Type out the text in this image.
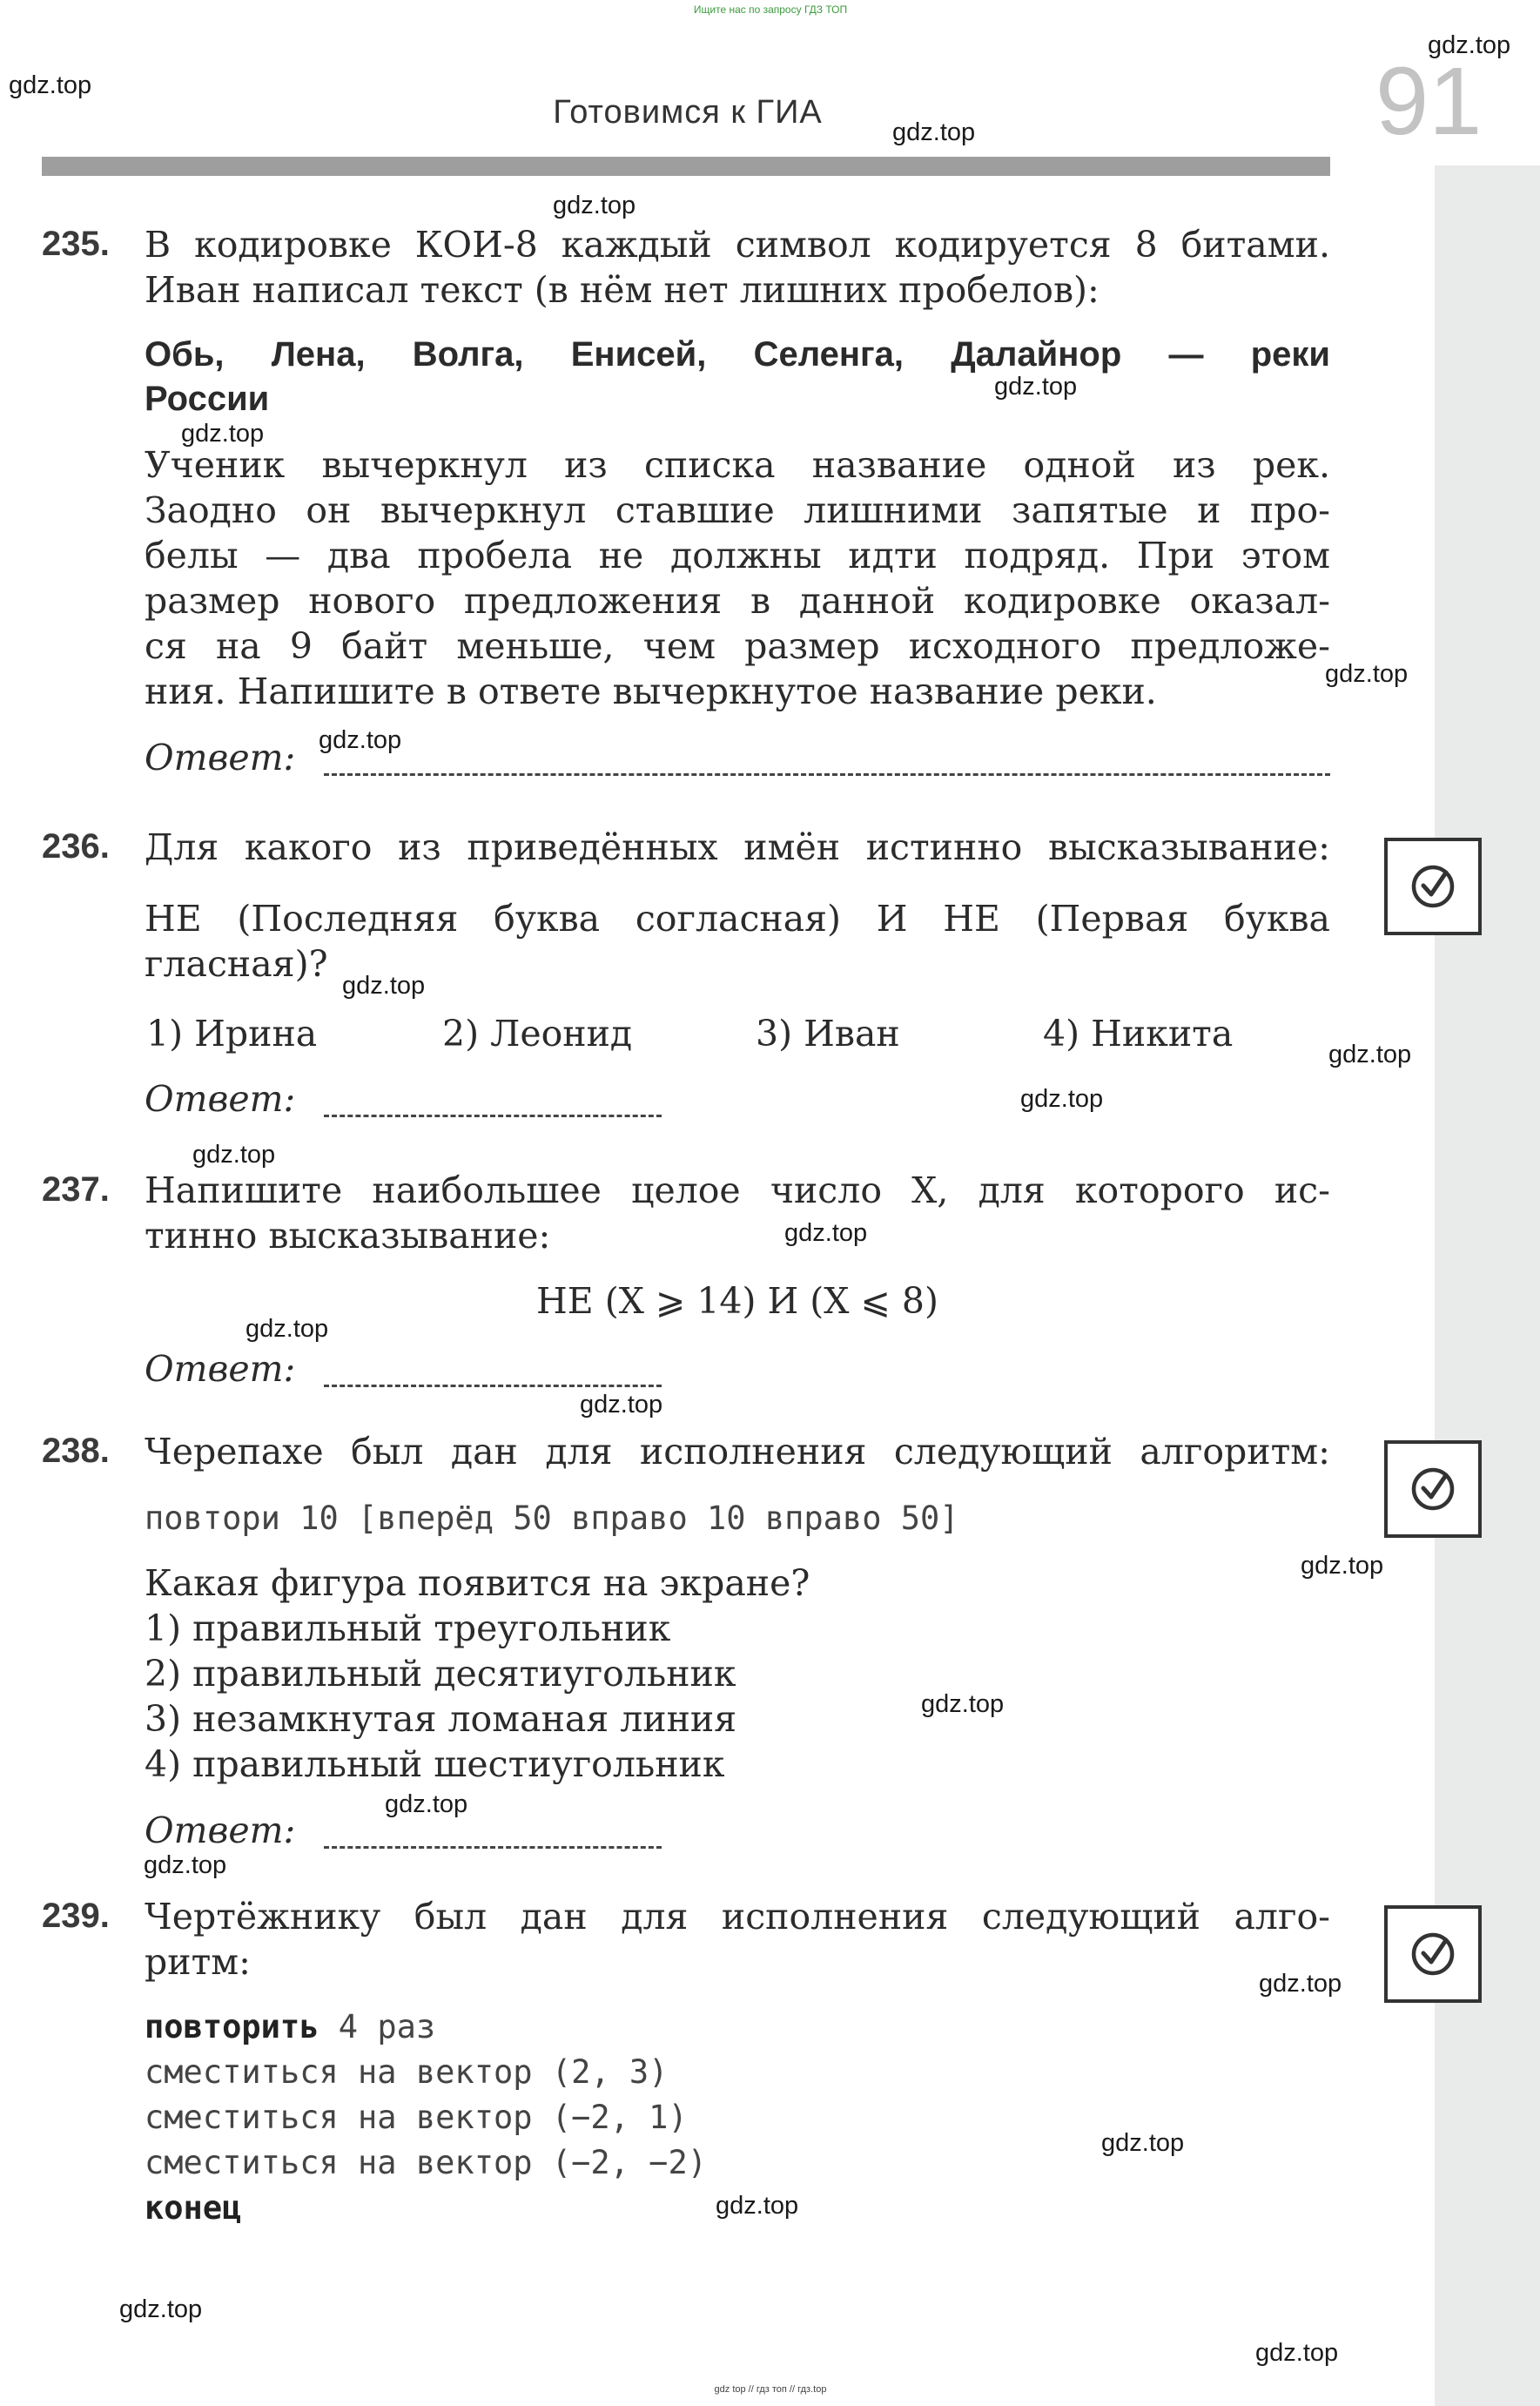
Ищите нас по запросу ГДЗ ТОП
Готовимся к ГИА	91
gdz.top
gdz.top
gdz.top
gdz.top
gdz.top
gdz.top
gdz.top
gdz.top
gdz.top
gdz.top
gdz.top
gdz.top
gdz.top
gdz.top
gdz.top
gdz.top
gdz.top
gdz.top
gdz.top
gdz.top
gdz.top
gdz.top
gdz.top
gdz.top
235. В кодировке КОИ-8 каждый символ кодируется 8 битами.
Иван написал текст (в нём нет лишних пробелов):
Обь, Лена, Волга, Енисей, Селенга, Далайнор — реки
России
Ученик вычеркнул из списка название одной из рек.
Заодно он вычеркнул ставшие лишними запятые и про-
белы — два пробела не должны идти подряд. При этом
размер нового предложения в данной кодировке оказал-
ся на 9 байт меньше, чем размер исходного предложе-
ния. Напишите в ответе вычеркнутое название реки.
Ответ:
236. Для какого из приведённых имён истинно высказывание:
НЕ (Последняя буква согласная) И НЕ (Первая буква
гласная)?
1) Ирина	2) Леонид	3) Иван	4) Никита
Ответ:
237. Напишите наибольшее целое число X, для которого ис-
тинно высказывание:
НЕ (X ⩾ 14) И (X ⩽ 8)
Ответ:
238. Черепахе был дан для исполнения следующий алгоритм:
повтори 10 [вперёд 50 вправо 10 вправо 50]
Какая фигура появится на экране?
1) правильный треугольник
2) правильный десятиугольник
3) незамкнутая ломаная линия
4) правильный шестиугольник
Ответ:
239. Чертёжнику был дан для исполнения следующий алго-
ритм:
повторить 4 раз
сместиться на вектор (2, 3)
сместиться на вектор (−2, 1)
сместиться на вектор (−2, −2)
конец
gdz top // гдз топ // гдз.top
